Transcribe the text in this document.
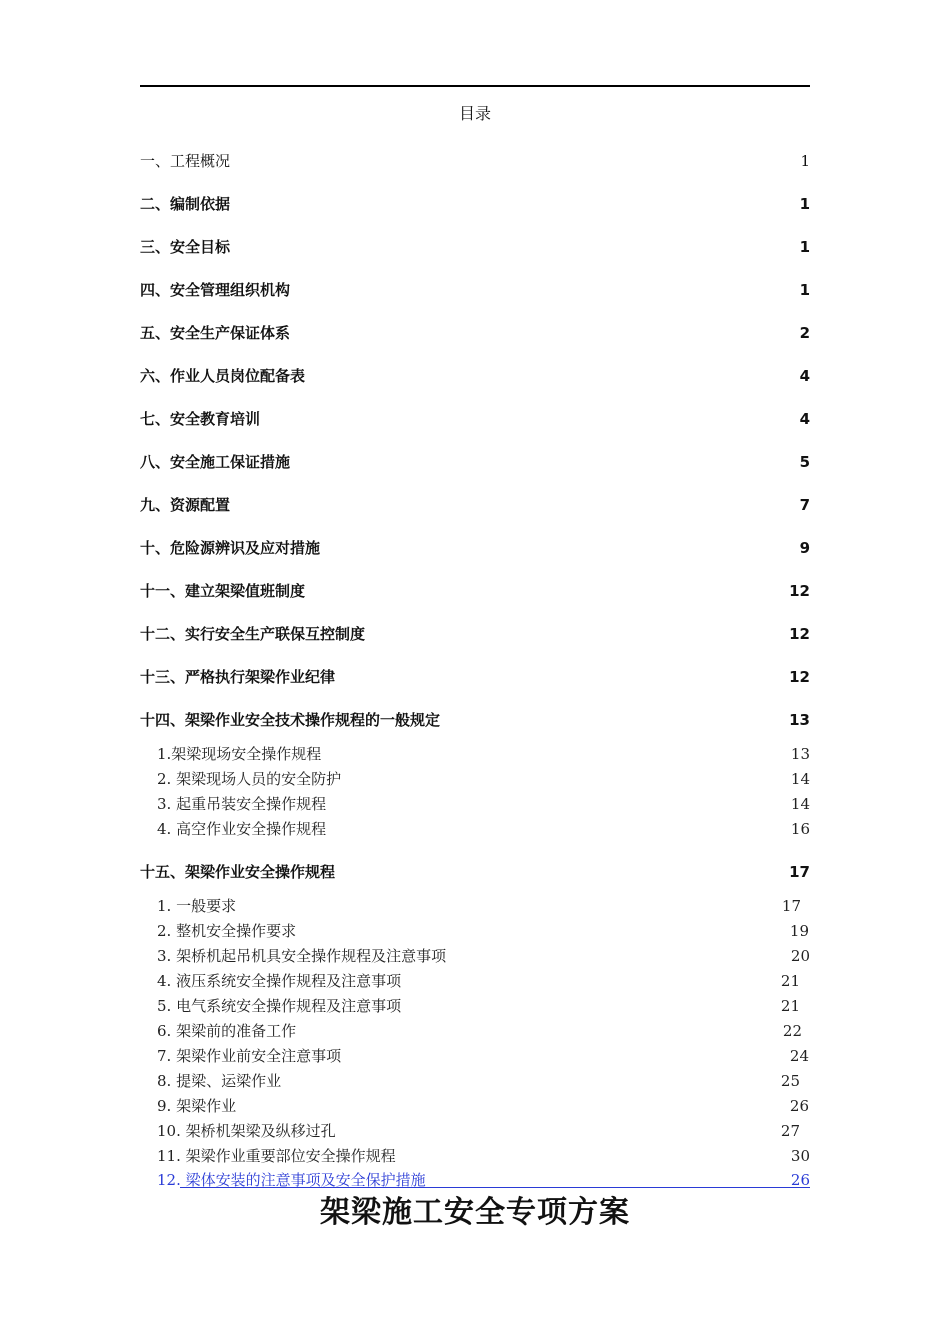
目录
一、工程概况	1
二、编制依据	1
三、安全目标	1
四、安全管理组织机构	1
五、安全生产保证体系	2
六、作业人员岗位配备表	4
七、安全教育培训	4
八、安全施工保证措施	5
九、资源配置	7
十、危险源辨识及应对措施	9
十一、建立架梁值班制度	12
十二、实行安全生产联保互控制度	12
十三、严格执行架梁作业纪律	12
十四、架梁作业安全技术操作规程的一般规定	13
1.架梁现场安全操作规程	13
2. 架梁现场人员的安全防护	14
3. 起重吊装安全操作规程	14
4. 高空作业安全操作规程	16
十五、架梁作业安全操作规程	17
1. 一般要求	17
2. 整机安全操作要求	19
3. 架桥机起吊机具安全操作规程及注意事项	20
4. 液压系统安全操作规程及注意事项	21
5. 电气系统安全操作规程及注意事项	21
6. 架梁前的准备工作	22
7. 架梁作业前安全注意事项	24
8. 提梁、运梁作业	25
9. 架梁作业	26
10. 架桥机架梁及纵移过孔	27
11. 架梁作业重要部位安全操作规程	30
12. 梁体安装的注意事项及安全保护措施	26
架梁施工安全专项方案
